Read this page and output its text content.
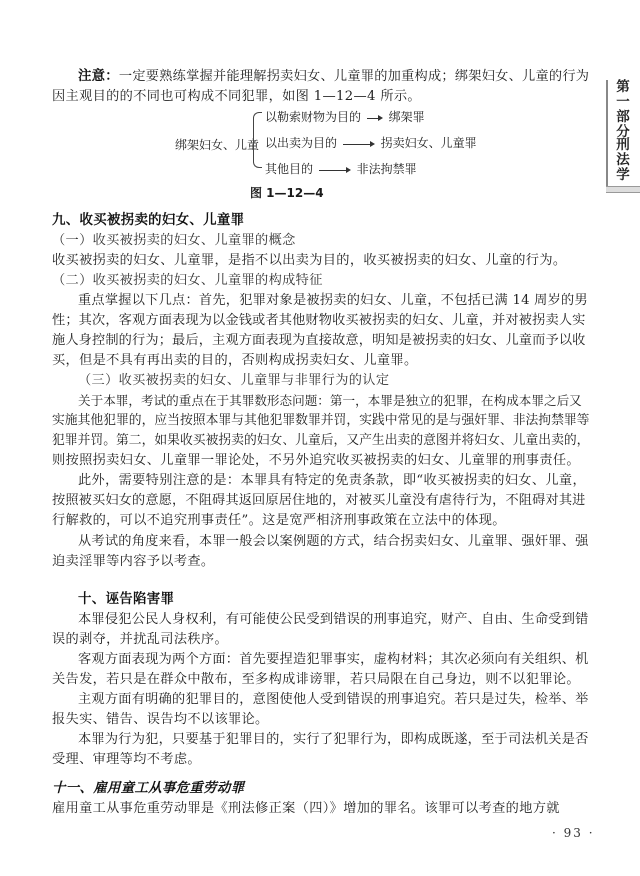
第一部分
刑法学
注意：一定要熟练掌握并能理解拐卖妇女、儿童罪的加重构成；绑架妇女、儿童的行为
因主观目的的不同也可构成不同犯罪，如图 1—12—4 所示。
绑架妇女、儿童
以勒索财物为目的 绑架罪
以出卖为目的	拐卖妇女、儿童罪
其他目的	非法拘禁罪
图 1—12—4
九、收买被拐卖的妇女、儿童罪
（一）收买被拐卖的妇女、儿童罪的概念
收买被拐卖的妇女、儿童罪，是指不以出卖为目的，收买被拐卖的妇女、儿童的行为。
（二）收买被拐卖的妇女、儿童罪的构成特征
重点掌握以下几点：首先，犯罪对象是被拐卖的妇女、儿童，不包括已满 14 周岁的男
性；其次，客观方面表现为以金钱或者其他财物收买被拐卖的妇女、儿童，并对被拐卖人实
施人身控制的行为；最后，主观方面表现为直接故意，明知是被拐卖的妇女、儿童而予以收
买，但是不具有再出卖的目的，否则构成拐卖妇女、儿童罪。
（三）收买被拐卖的妇女、儿童罪与非罪行为的认定
关于本罪，考试的重点在于其罪数形态问题：第一，本罪是独立的犯罪，在构成本罪之后又
实施其他犯罪的，应当按照本罪与其他犯罪数罪并罚，实践中常见的是与强奸罪、非法拘禁罪等
犯罪并罚。第二，如果收买被拐卖的妇女、儿童后，又产生出卖的意图并将妇女、儿童出卖的，
则按照拐卖妇女、儿童罪一罪论处，不另外追究收买被拐卖的妇女、儿童罪的刑事责任。
此外，需要特别注意的是：本罪具有特定的免责条款，即“收买被拐卖的妇女、儿童，
按照被买妇女的意愿，不阻碍其返回原居住地的，对被买儿童没有虐待行为，不阻碍对其进
行解救的，可以不追究刑事责任”。这是宽严相济刑事政策在立法中的体现。
从考试的角度来看，本罪一般会以案例题的方式，结合拐卖妇女、儿童罪、强奸罪、强
迫卖淫罪等内容予以考查。
十、诬告陷害罪
本罪侵犯公民人身权利，有可能使公民受到错误的刑事追究，财产、自由、生命受到错
误的剥夺，并扰乱司法秩序。
客观方面表现为两个方面：首先要捏造犯罪事实，虚构材料；其次必须向有关组织、机
关告发，若只是在群众中散布，至多构成诽谤罪，若只局限在自己身边，则不以犯罪论。
主观方面有明确的犯罪目的，意图使他人受到错误的刑事追究。若只是过失，检举、举
报失实、错告、误告均不以该罪论。
本罪为行为犯，只要基于犯罪目的，实行了犯罪行为，即构成既遂，至于司法机关是否
受理、审理等均不考虑。
十一、雇用童工从事危重劳动罪
雇用童工从事危重劳动罪是《刑法修正案（四）》增加的罪名。该罪可以考查的地方就
· 93 ·
